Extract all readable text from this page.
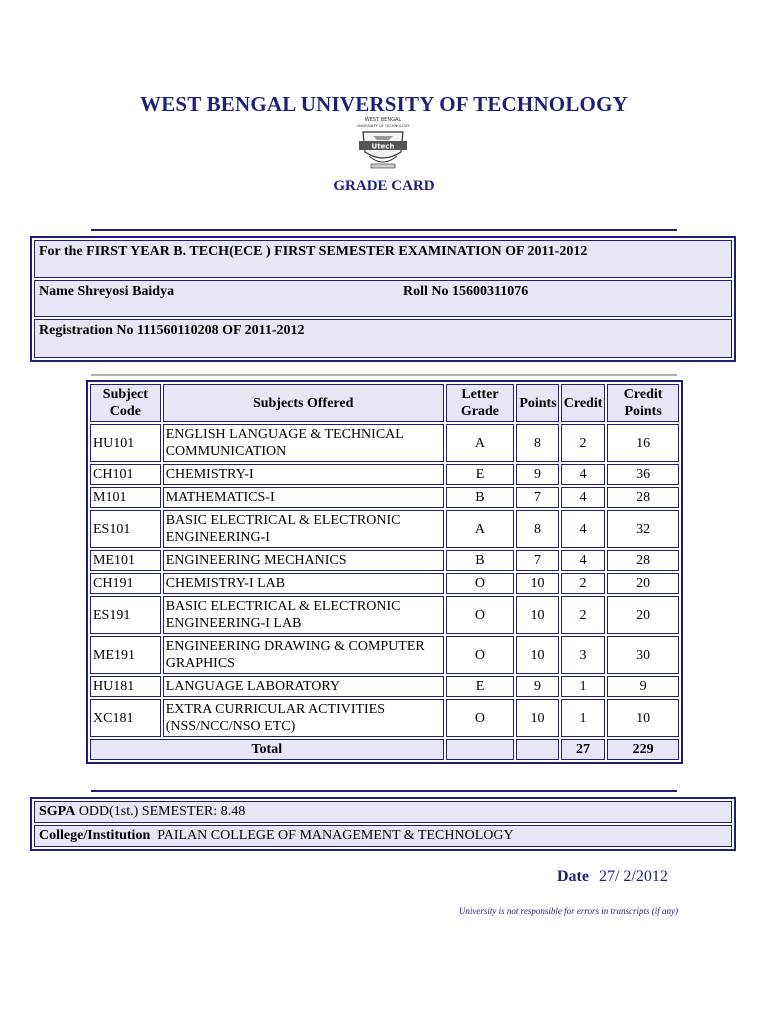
WEST BENGAL UNIVERSITY OF TECHNOLOGY
WEST BENGAL
UNIVERSITY OF TECHNOLOGY
Utech
GRADE CARD
For the FIRST YEAR B. TECH(ECE ) FIRST SEMESTER EXAMINATION OF 2011-2012
Name Shreyosi Baidya	Roll No 15600311076
Registration No 111560110208 OF 2011-2012
Subject Code	Subjects Offered	Letter Grade	Points	Credit	Credit Points
HU101	ENGLISH LANGUAGE & TECHNICAL COMMUNICATION	A	8	2	16
CH101	CHEMISTRY-I	E	9	4	36
M101	MATHEMATICS-I	B	7	4	28
ES101	BASIC ELECTRICAL & ELECTRONIC ENGINEERING-I	A	8	4	32
ME101	ENGINEERING MECHANICS	B	7	4	28
CH191	CHEMISTRY-I LAB	O	10	2	20
ES191	BASIC ELECTRICAL & ELECTRONIC ENGINEERING-I LAB	O	10	2	20
ME191	ENGINEERING DRAWING & COMPUTER GRAPHICS	O	10	3	30
HU181	LANGUAGE LABORATORY	E	9	1	9
XC181	EXTRA CURRICULAR ACTIVITIES (NSS/NCC/NSO ETC)	O	10	1	10
Total				27	229
SGPA ODD(1st.) SEMESTER: 8.48
College/Institution PAILAN COLLEGE OF MANAGEMENT & TECHNOLOGY
Date 27/ 2/2012
University is not responsible for errors in transcripts (if any)
